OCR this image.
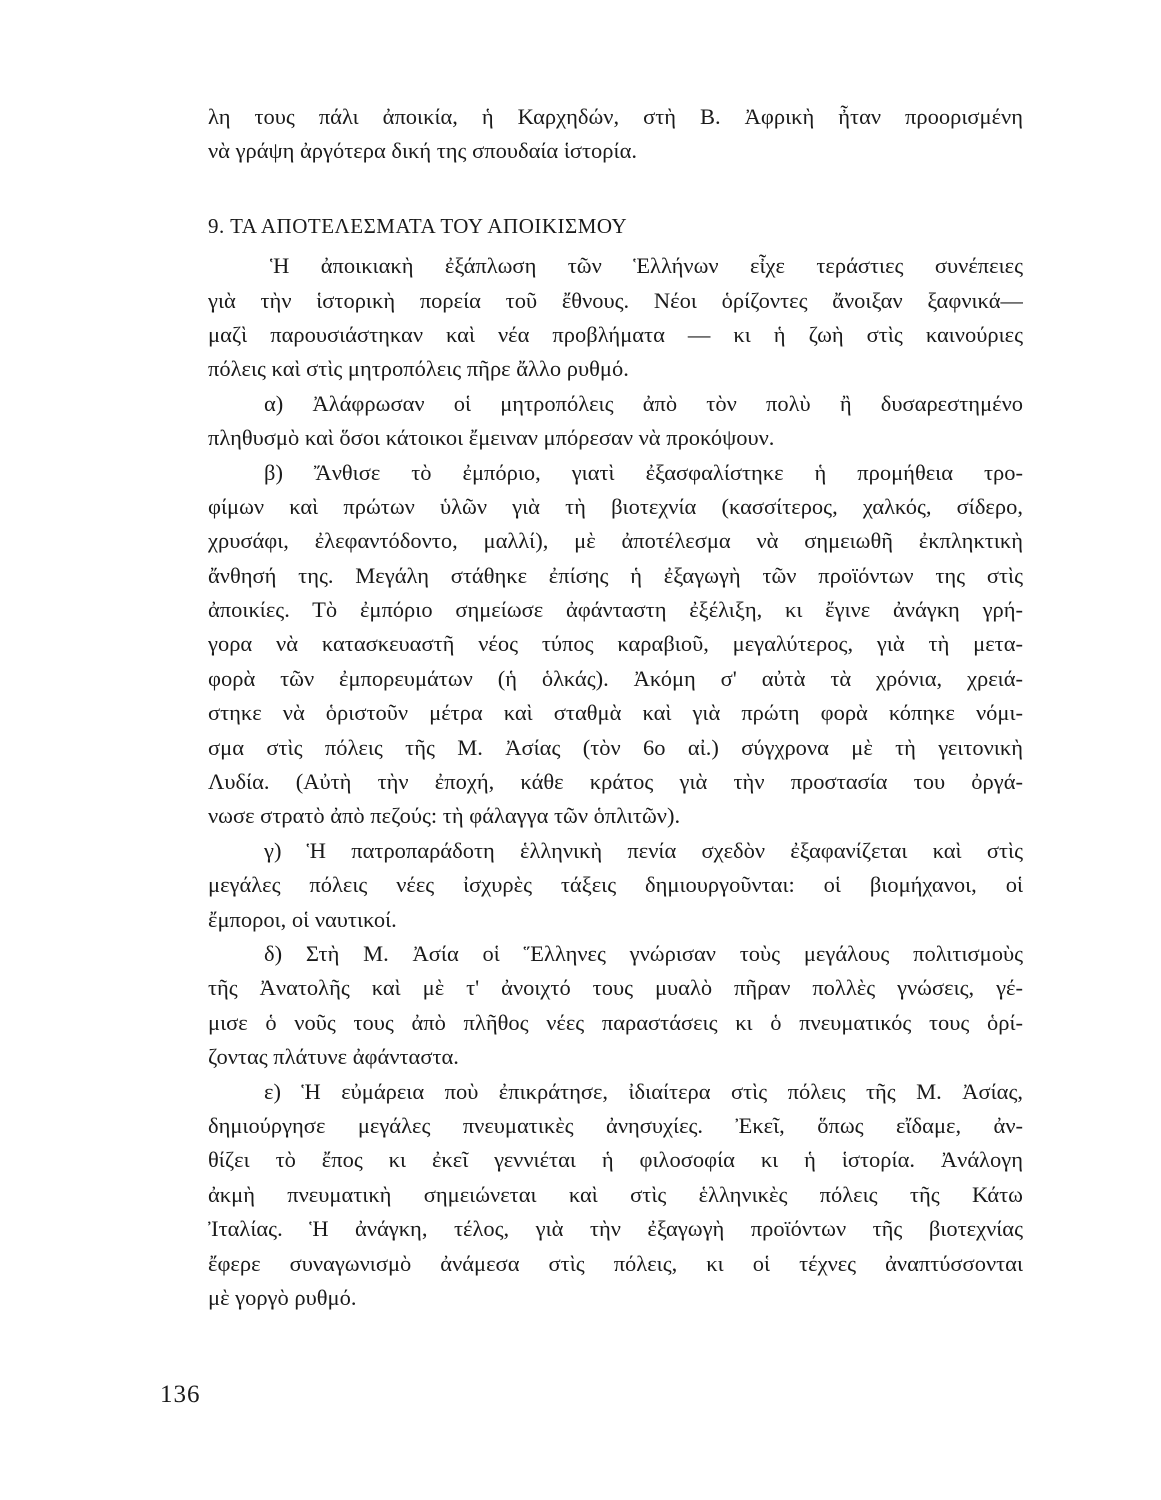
λη τους πάλι ἀποικία, ἡ Καρχηδών, στὴ Β. Ἀφρικὴ ἦταν προορισμένη
νὰ γράψη ἀργότερα δική της σπουδαία ἱστορία.
9. ΤΑ ΑΠΟΤΕΛΕΣΜΑΤΑ ΤΟΥ ΑΠΟΙΚΙΣΜΟΥ
Ἡ ἀποικιακὴ ἐξάπλωση τῶν Ἑλλήνων εἶχε τεράστιες συνέπειες
γιὰ τὴν ἱστορικὴ πορεία τοῦ ἔθνους. Νέοι ὁρίζοντες ἄνοιξαν ξαφνικά—
μαζὶ παρουσιάστηκαν καὶ νέα προβλήματα — κι ἡ ζωὴ στὶς καινούριες
πόλεις καὶ στὶς μητροπόλεις πῆρε ἄλλο ρυθμό.
α) Ἀλάφρωσαν οἱ μητροπόλεις ἀπὸ τὸν πολὺ ἢ δυσαρεστημένο
πληθυσμὸ καὶ ὅσοι κάτοικοι ἔμειναν μπόρεσαν νὰ προκόψουν.
β) Ἄνθισε τὸ ἐμπόριο, γιατὶ ἐξασφαλίστηκε ἡ προμήθεια τρο-
φίμων καὶ πρώτων ὑλῶν γιὰ τὴ βιοτεχνία (κασσίτερος, χαλκός, σίδερο,
χρυσάφι, ἐλεφαντόδοντο, μαλλί), μὲ ἀποτέλεσμα νὰ σημειωθῆ ἐκπληκτικὴ
ἄνθησή της. Μεγάλη στάθηκε ἐπίσης ἡ ἐξαγωγὴ τῶν προϊόντων της στὶς
ἀποικίες. Τὸ ἐμπόριο σημείωσε ἀφάνταστη ἐξέλιξη, κι ἔγινε ἀνάγκη γρή-
γορα νὰ κατασκευαστῆ νέος τύπος καραβιοῦ, μεγαλύτερος, γιὰ τὴ μετα-
φορὰ τῶν ἐμπορευμάτων (ἡ ὁλκάς). Ἀκόμη σ' αὐτὰ τὰ χρόνια, χρειά-
στηκε νὰ ὁριστοῦν μέτρα καὶ σταθμὰ καὶ γιὰ πρώτη φορὰ κόπηκε νόμι-
σμα στὶς πόλεις τῆς Μ. Ἀσίας (τὸν 6ο αἰ.) σύγχρονα μὲ τὴ γειτονικὴ
Λυδία. (Αὐτὴ τὴν ἐποχή, κάθε κράτος γιὰ τὴν προστασία του ὀργά-
νωσε στρατὸ ἀπὸ πεζούς: τὴ φάλαγγα τῶν ὁπλιτῶν).
γ) Ἡ πατροπαράδοτη ἑλληνικὴ πενία σχεδὸν ἐξαφανίζεται καὶ στὶς
μεγάλες πόλεις νέες ἰσχυρὲς τάξεις δημιουργοῦνται: οἱ βιομήχανοι, οἱ
ἔμποροι, οἱ ναυτικοί.
δ) Στὴ Μ. Ἀσία οἱ Ἕλληνες γνώρισαν τοὺς μεγάλους πολιτισμοὺς
τῆς Ἀνατολῆς καὶ μὲ τ' ἀνοιχτό τους μυαλὸ πῆραν πολλὲς γνώσεις, γέ-
μισε ὁ νοῦς τους ἀπὸ πλῆθος νέες παραστάσεις κι ὁ πνευματικός τους ὁρί-
ζοντας πλάτυνε ἀφάνταστα.
ε) Ἡ εὐμάρεια ποὺ ἐπικράτησε, ἰδιαίτερα στὶς πόλεις τῆς Μ. Ἀσίας,
δημιούργησε μεγάλες πνευματικὲς ἀνησυχίες. Ἐκεῖ, ὅπως εἴδαμε, ἀν-
θίζει τὸ ἔπος κι ἐκεῖ γεννιέται ἡ φιλοσοφία κι ἡ ἱστορία. Ἀνάλογη
ἀκμὴ πνευματικὴ σημειώνεται καὶ στὶς ἑλληνικὲς πόλεις τῆς Κάτω
Ἰταλίας. Ἡ ἀνάγκη, τέλος, γιὰ τὴν ἐξαγωγὴ προϊόντων τῆς βιοτεχνίας
ἔφερε συναγωνισμὸ ἀνάμεσα στὶς πόλεις, κι οἱ τέχνες ἀναπτύσσονται
μὲ γοργὸ ρυθμό.
136
